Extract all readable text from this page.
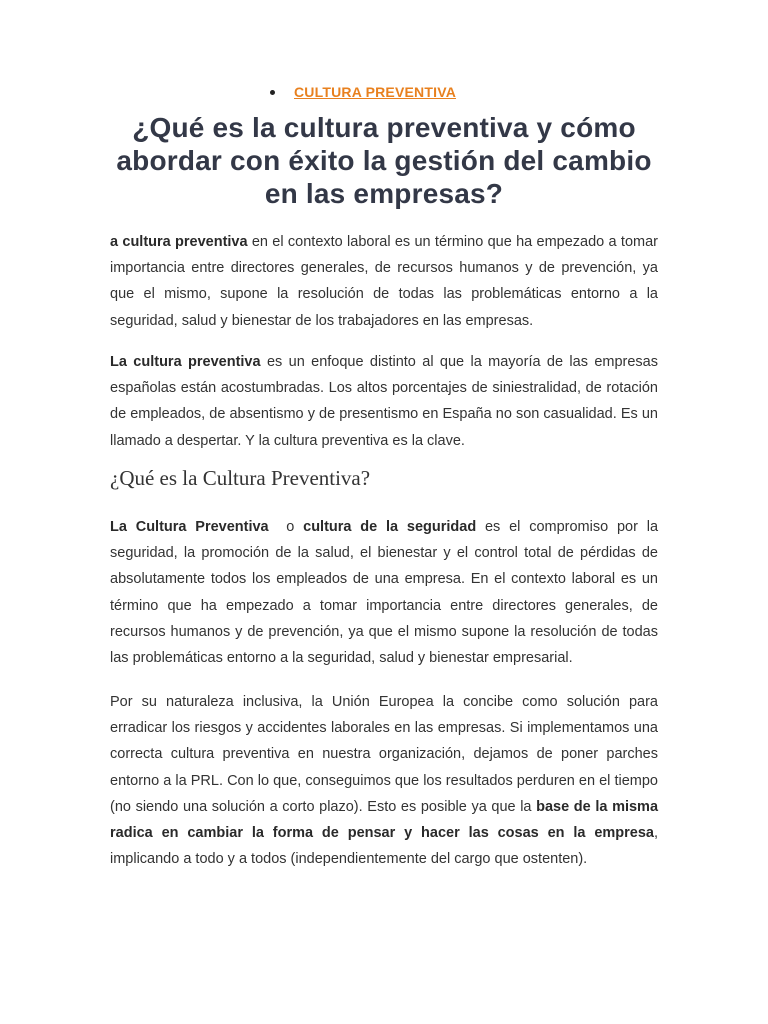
CULTURA PREVENTIVA
¿Qué es la cultura preventiva y cómo abordar con éxito la gestión del cambio en las empresas?

a cultura preventiva en el contexto laboral es un término que ha empezado a tomar importancia entre directores generales, de recursos humanos y de prevención, ya que el mismo, supone la resolución de todas las problemáticas entorno a la seguridad, salud y bienestar de los trabajadores en las empresas.

La cultura preventiva es un enfoque distinto al que la mayoría de las empresas españolas están acostumbradas. Los altos porcentajes de siniestralidad, de rotación de empleados, de absentismo y de presentismo en España no son casualidad. Es un llamado a despertar. Y la cultura preventiva es la clave.

¿Qué es la Cultura Preventiva?

La Cultura Preventiva  o cultura de la seguridad es el compromiso por la seguridad, la promoción de la salud, el bienestar y el control total de pérdidas de absolutamente todos los empleados de una empresa. En el contexto laboral es un término que ha empezado a tomar importancia entre directores generales, de recursos humanos y de prevención, ya que el mismo supone la resolución de todas las problemáticas entorno a la seguridad, salud y bienestar empresarial.

Por su naturaleza inclusiva, la Unión Europea la concibe como solución para erradicar los riesgos y accidentes laborales en las empresas. Si implementamos una correcta cultura preventiva en nuestra organización, dejamos de poner parches entorno a la PRL. Con lo que, conseguimos que los resultados perduren en el tiempo (no siendo una solución a corto plazo). Esto es posible ya que la base de la misma radica en cambiar la forma de pensar y hacer las cosas en la empresa, implicando a todo y a todos (independientemente del cargo que ostenten).
